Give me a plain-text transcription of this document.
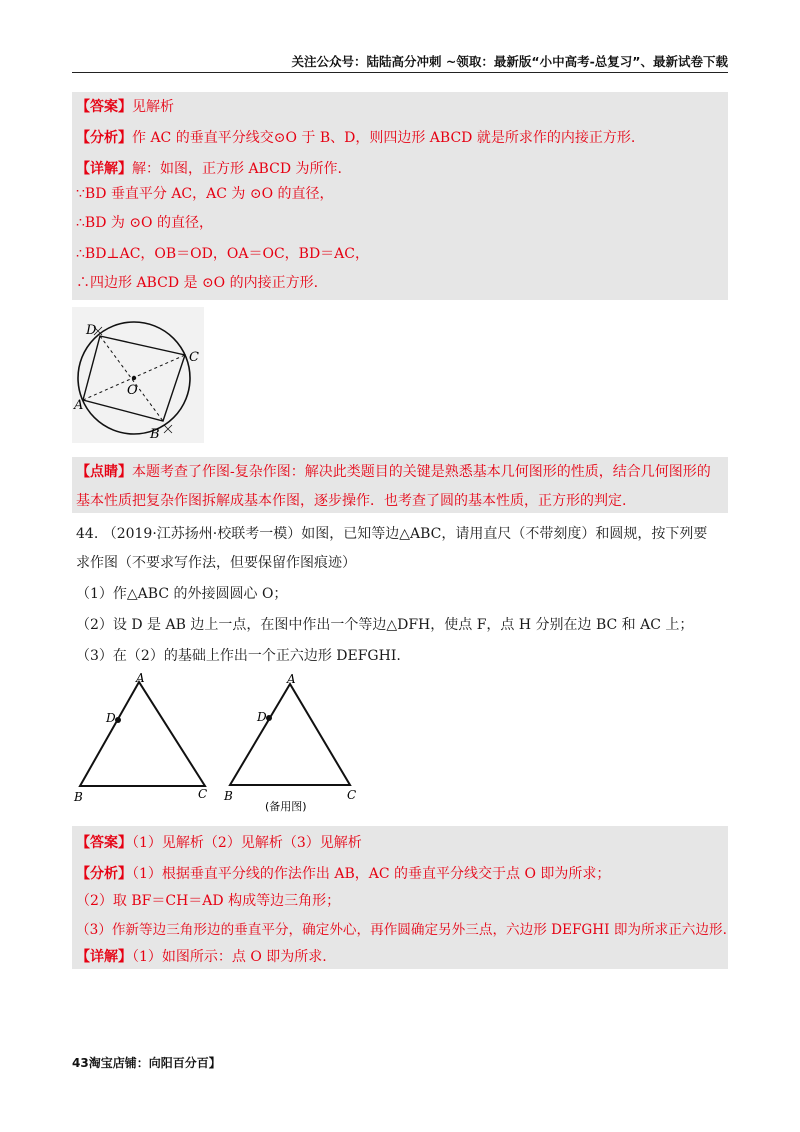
关注公众号：陆陆高分冲刺 ~领取：最新版“小中高考-总复习”、最新试卷下载
【答案】见解析
【分析】作 AC 的垂直平分线交⊙O 于 B、D，则四边形 ABCD 就是所求作的内接正方形.
【详解】解：如图，正方形 ABCD 为所作.
∵BD 垂直平分 AC，AC 为 ⊙O 的直径，
∴BD 为 ⊙O 的直径，
∴BD⊥AC，OB＝OD，OA＝OC，BD＝AC，
∴四边形 ABCD 是 ⊙O 的内接正方形.
D
C
A
B
O
【点睛】本题考查了作图-复杂作图：解决此类题目的关键是熟悉基本几何图形的性质，结合几何图形的
基本性质把复杂作图拆解成基本作图，逐步操作．也考查了圆的基本性质，正方形的判定.
44. （2019·江苏扬州·校联考一模）如图，已知等边△ABC，请用直尺（不带刻度）和圆规，按下列要
求作图（不要求写作法，但要保留作图痕迹）
（1）作△ABC 的外接圆圆心 O；
（2）设 D 是 AB 边上一点，在图中作出一个等边△DFH，使点 F，点 H 分别在边 BC 和 AC 上；
（3）在（2）的基础上作出一个正六边形 DEFGHI.
A
D
B	C
A
D
B	C
(备用图)
【答案】（1）见解析（2）见解析（3）见解析
【分析】（1）根据垂直平分线的作法作出 AB，AC 的垂直平分线交于点 O 即为所求；
（2）取 BF＝CH＝AD 构成等边三角形；
（3）作新等边三角形边的垂直平分，确定外心，再作圆确定另外三点，六边形 DEFGHI 即为所求正六边形.
【详解】（1）如图所示：点 O 即为所求.
43淘宝店铺：向阳百分百】
